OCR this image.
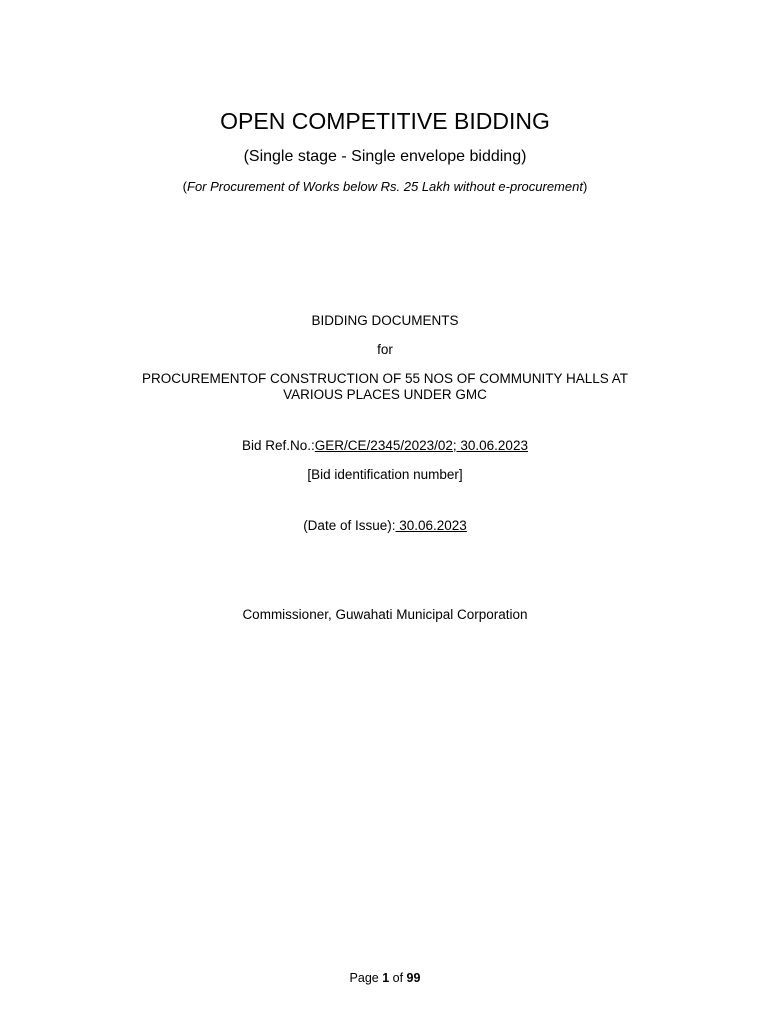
OPEN COMPETITIVE BIDDING
(Single stage - Single envelope bidding)
(For Procurement of Works below Rs. 25 Lakh without e-procurement)
BIDDING DOCUMENTS
for
PROCUREMENTOF CONSTRUCTION OF 55 NOS OF COMMUNITY HALLS AT VARIOUS PLACES UNDER GMC
Bid Ref.No.:GER/CE/2345/2023/02; 30.06.2023
[Bid identification number]
(Date of Issue): 30.06.2023
Commissioner, Guwahati Municipal Corporation
Page 1 of 99
